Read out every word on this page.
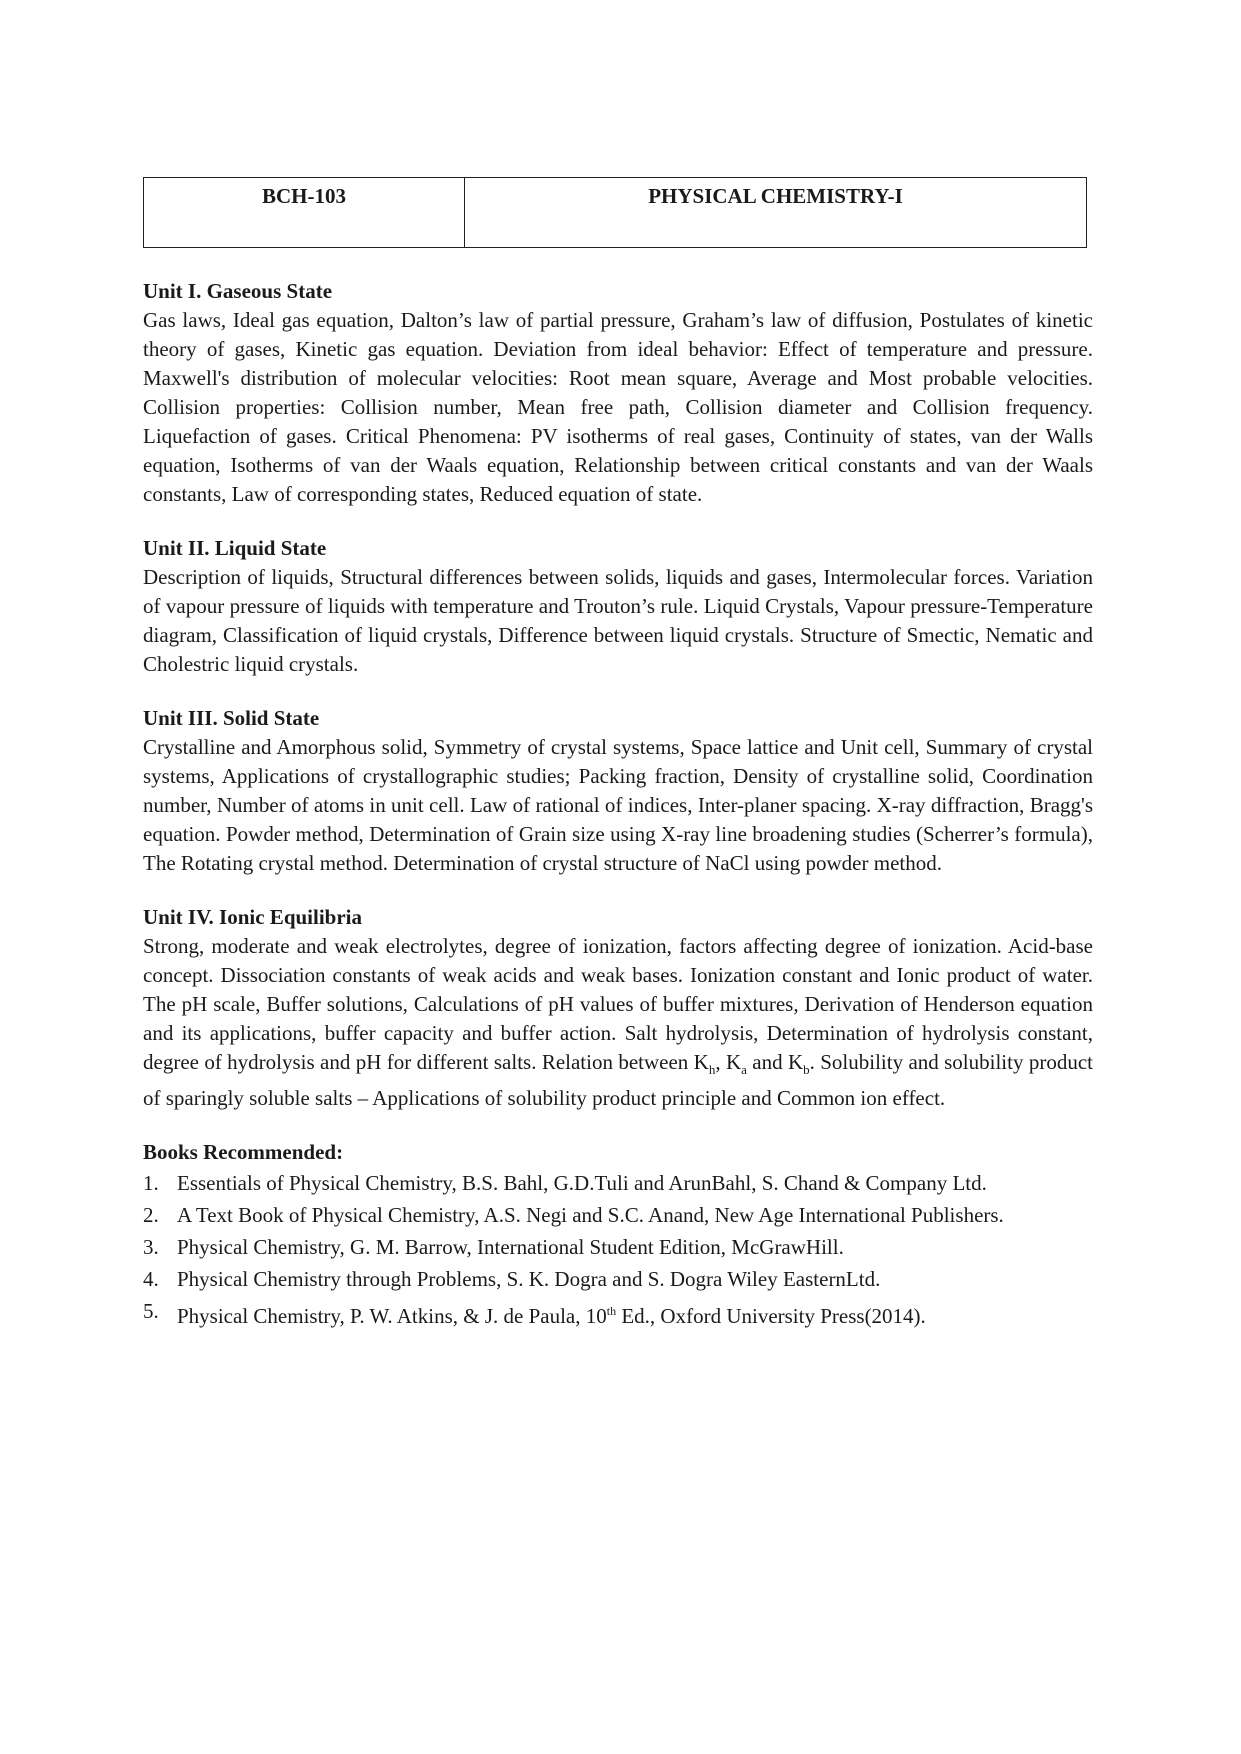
BCH-103	PHYSICAL CHEMISTRY-I

Unit I. Gaseous State

Gas laws, Ideal gas equation, Dalton’s law of partial pressure, Graham’s law of diffusion, Postulates of kinetic theory of gases, Kinetic gas equation. Deviation from ideal behavior: Effect of temperature and pressure. Maxwell's distribution of molecular velocities: Root mean square, Average and Most probable velocities. Collision properties: Collision number, Mean free path, Collision diameter and Collision frequency. Liquefaction of gases. Critical Phenomena: PV isotherms of real gases, Continuity of states, van der Walls equation, Isotherms of van der Waals equation, Relationship between critical constants and van der Waals constants, Law of corresponding states, Reduced equation of state.

Unit II. Liquid State

Description of liquids, Structural differences between solids, liquids and gases, Intermolecular forces. Variation of vapour pressure of liquids with temperature and Trouton’s rule. Liquid Crystals, Vapour pressure-Temperature diagram, Classification of liquid crystals, Difference between liquid crystals. Structure of Smectic, Nematic and Cholestric liquid crystals.

Unit III. Solid State

Crystalline and Amorphous solid, Symmetry of crystal systems, Space lattice and Unit cell, Summary of crystal systems, Applications of crystallographic studies; Packing fraction, Density of crystalline solid, Coordination number, Number of atoms in unit cell. Law of rational of indices, Inter-planer spacing. X-ray diffraction, Bragg's equation. Powder method, Determination of Grain size using X-ray line broadening studies (Scherrer’s formula), The Rotating crystal method. Determination of crystal structure of NaCl using powder method.

Unit IV. Ionic Equilibria

Strong, moderate and weak electrolytes, degree of ionization, factors affecting degree of ionization. Acid-base concept. Dissociation constants of weak acids and weak bases. Ionization constant and Ionic product of water. The pH scale, Buffer solutions, Calculations of pH values of buffer mixtures, Derivation of Henderson equation and its applications, buffer capacity and buffer action. Salt hydrolysis, Determination of hydrolysis constant, degree of hydrolysis and pH for different salts. Relation between $K_h$, $K_a$ and $K_b$. Solubility and solubility product of sparingly soluble salts – Applications of solubility product principle and Common ion effect.

Books Recommended:

1. Essentials of Physical Chemistry, B.S. Bahl, G.D.Tuli and ArunBahl, S. Chand & Company Ltd.
2. A Text Book of Physical Chemistry, A.S. Negi and S.C. Anand, New Age International Publishers.
3. Physical Chemistry, G. M. Barrow, International Student Edition, McGrawHill.
4. Physical Chemistry through Problems, S. K. Dogra and S. Dogra Wiley EasternLtd.
5. Physical Chemistry, P. W. Atkins, & J. de Paula, 10th Ed., Oxford University Press(2014).
